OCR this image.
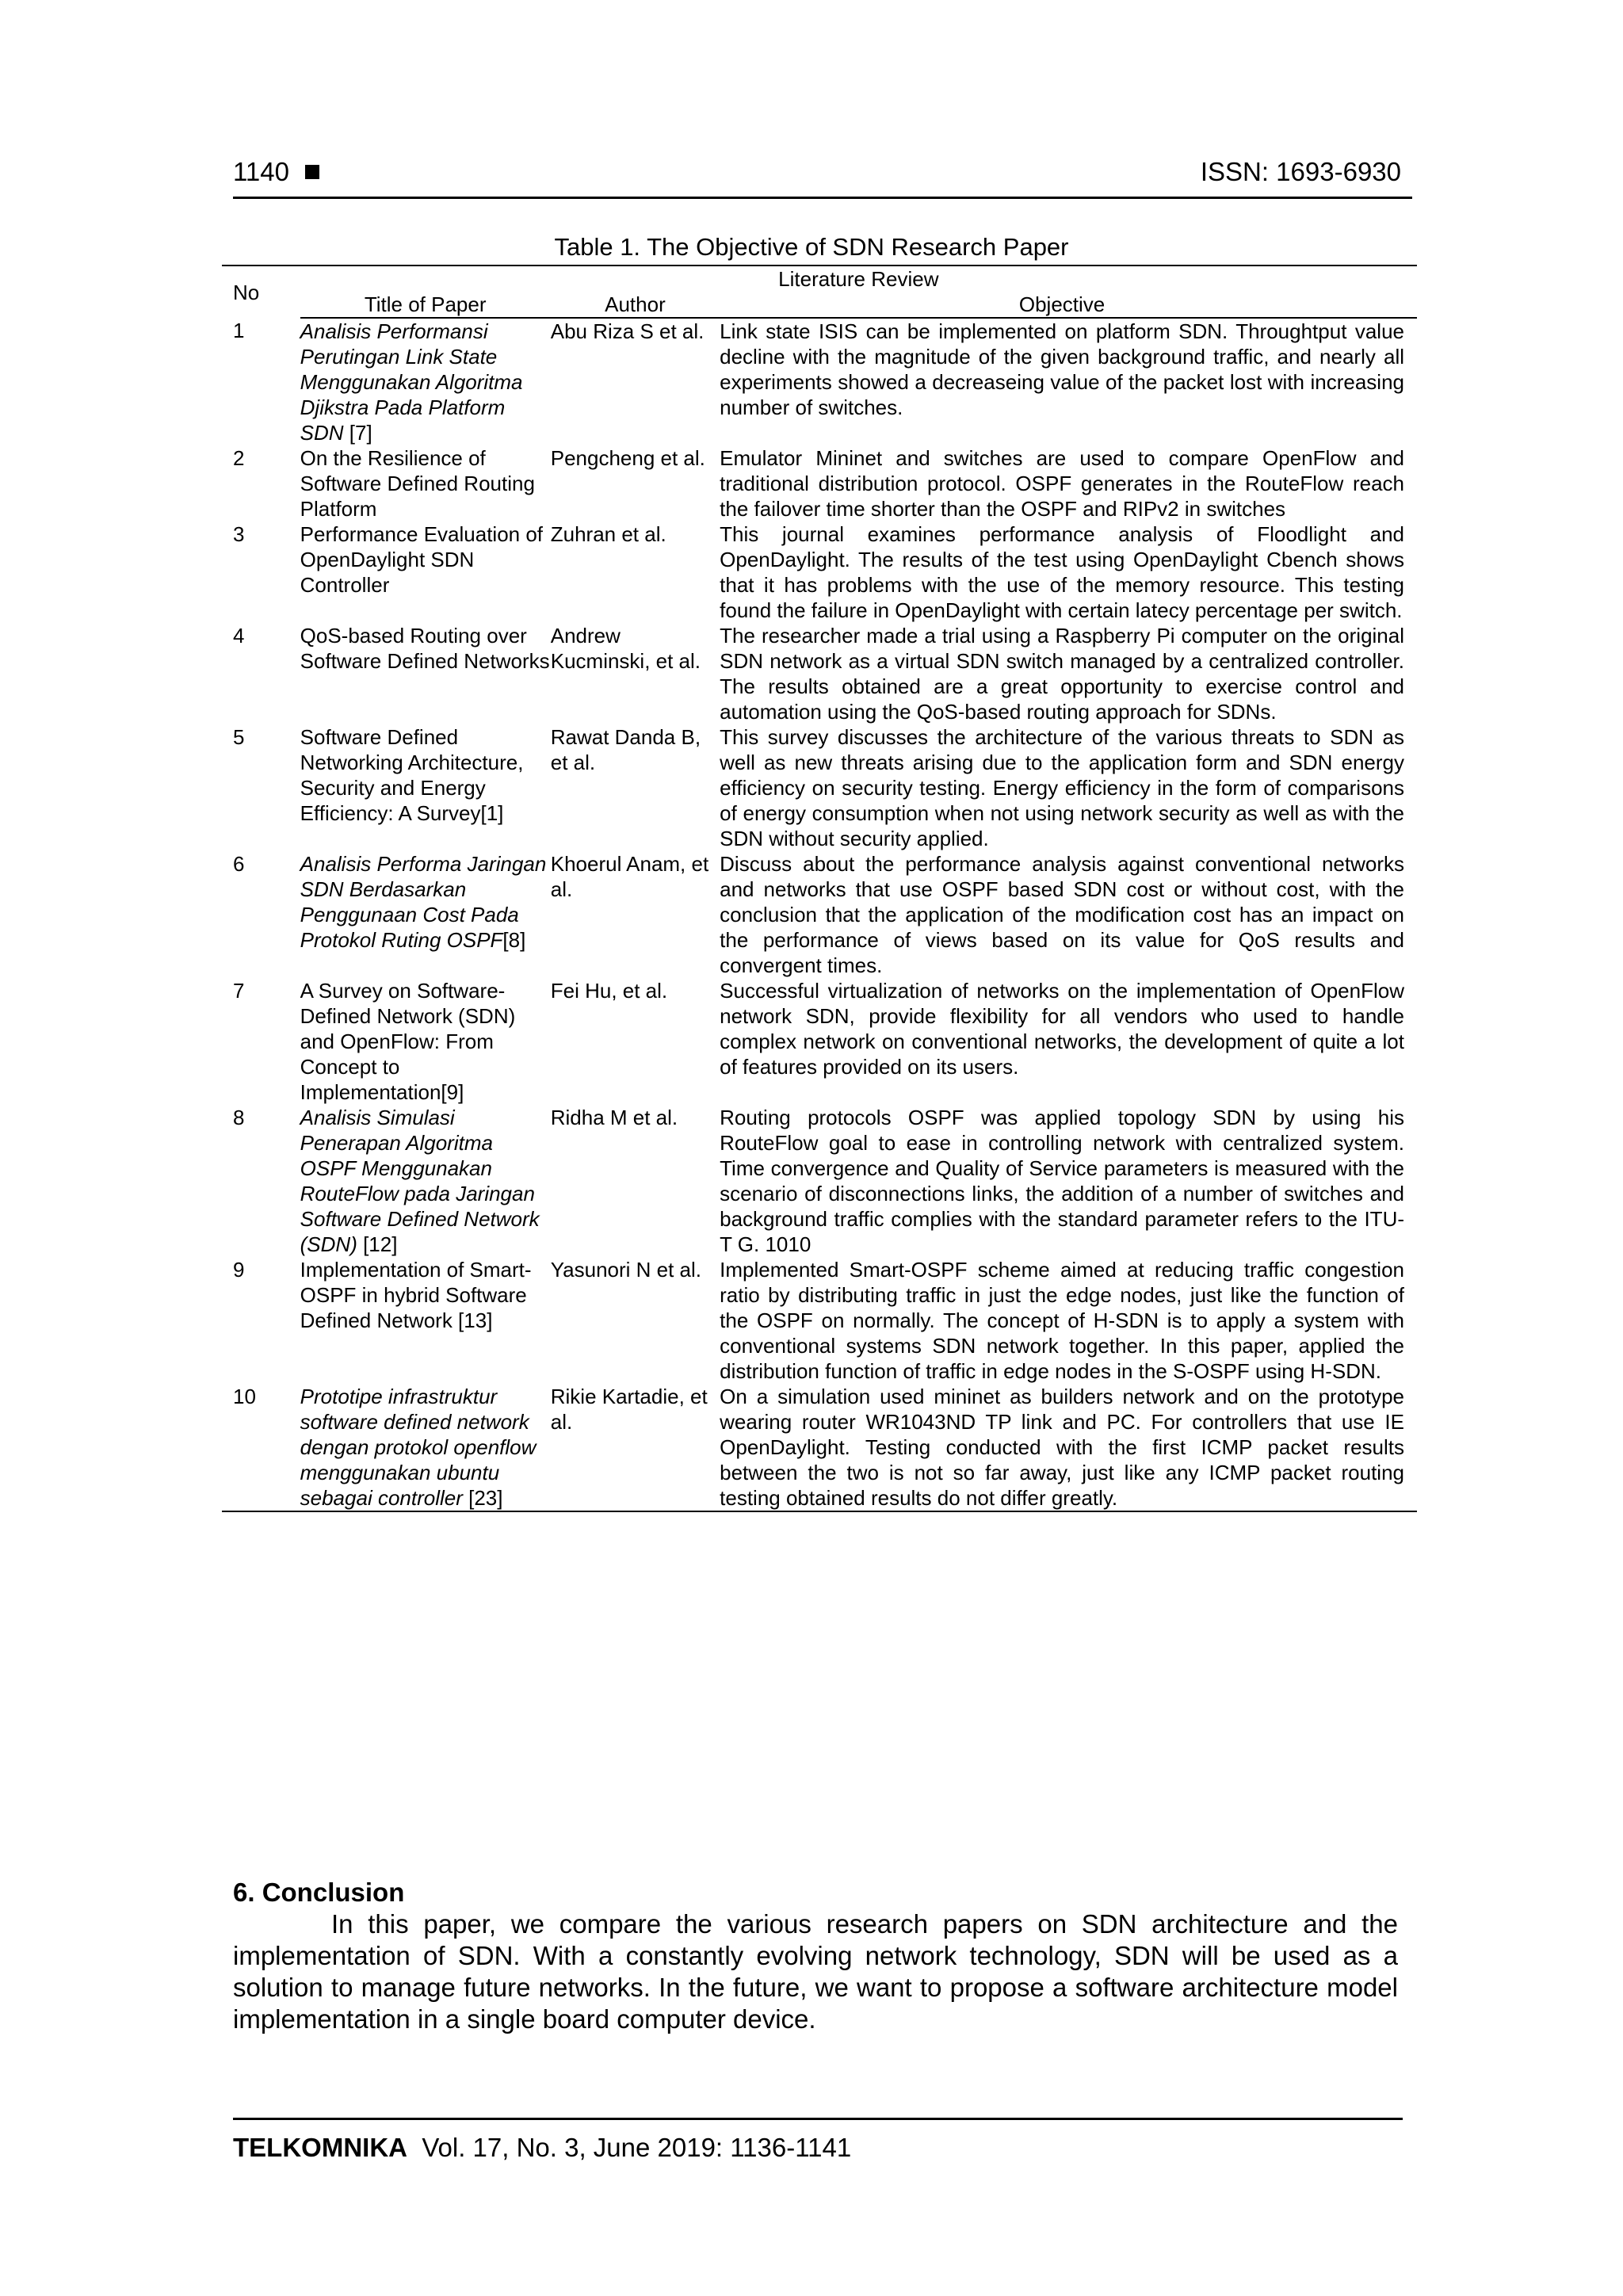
1140	ISSN: 1693-6930
Table 1. The Objective of SDN Research Paper
No	Literature Review		
	Title of Paper	Author	Objective
1	Analisis Performansi Perutingan Link State Menggunakan Algoritma Djikstra Pada Platform SDN [7]	Abu Riza S et al.	Link state ISIS can be implemented on platform SDN. Throughtput value decline with the magnitude of the given background traffic, and nearly all experiments showed a decreaseing value of the packet lost with increasing number of switches.
2	On the Resilience of Software Defined Routing Platform	Pengcheng et al.	Emulator Mininet and switches are used to compare OpenFlow and traditional distribution protocol. OSPF generates in the RouteFlow reach the failover time shorter than the OSPF and RIPv2 in switches
3	Performance Evaluation of OpenDaylight SDN Controller	Zuhran et al.	This journal examines performance analysis of Floodlight and OpenDaylight. The results of the test using OpenDaylight Cbench shows that it has problems with the use of the memory resource. This testing found the failure in OpenDaylight with certain latecy percentage per switch.
4	QoS-based Routing over Software Defined Networks	Andrew Kucminski, et al.	The researcher made a trial using a Raspberry Pi computer on the original SDN network as a virtual SDN switch managed by a centralized controller. The results obtained are a great opportunity to exercise control and automation using the QoS-based routing approach for SDNs.
5	Software Defined Networking Architecture, Security and Energy Efficiency: A Survey[1]	Rawat Danda B, et al.	This survey discusses the architecture of the various threats to SDN as well as new threats arising due to the application form and SDN energy efficiency on security testing. Energy efficiency in the form of comparisons of energy consumption when not using network security as well as with the SDN without security applied.
6	Analisis Performa Jaringan SDN Berdasarkan Penggunaan Cost Pada Protokol Ruting OSPF[8]	Khoerul Anam, et al.	Discuss about the performance analysis against conventional networks and networks that use OSPF based SDN cost or without cost, with the conclusion that the application of the modification cost has an impact on the performance of views based on its value for QoS results and convergent times.
7	A Survey on Software-Defined Network (SDN) and OpenFlow: From Concept to Implementation[9]	Fei Hu, et al.	Successful virtualization of networks on the implementation of OpenFlow network SDN, provide flexibility for all vendors who used to handle complex network on conventional networks, the development of quite a lot of features provided on its users.
8	Analisis Simulasi Penerapan Algoritma OSPF Menggunakan RouteFlow pada Jaringan Software Defined Network (SDN) [12]	Ridha M et al.	Routing protocols OSPF was applied topology SDN by using his RouteFlow goal to ease in controlling network with centralized system. Time convergence and Quality of Service parameters is measured with the scenario of disconnections links, the addition of a number of switches and background traffic complies with the standard parameter refers to the ITU-T G. 1010
9	Implementation of Smart-OSPF in hybrid Software Defined Network [13]	Yasunori N et al.	Implemented Smart-OSPF scheme aimed at reducing traffic congestion ratio by distributing traffic in just the edge nodes, just like the function of the OSPF on normally. The concept of H-SDN is to apply a system with conventional systems SDN network together. In this paper, applied the distribution function of traffic in edge nodes in the S-OSPF using H-SDN.
10	Prototipe infrastruktur software defined network dengan protokol openflow menggunakan ubuntu sebagai controller [23]	Rikie Kartadie, et al.	On a simulation used mininet as builders network and on the prototype wearing router WR1043ND TP link and PC. For controllers that use IE OpenDaylight. Testing conducted with the first ICMP packet results between the two is not so far away, just like any ICMP packet routing testing obtained results do not differ greatly.
6. Conclusion

In this paper, we compare the various research papers on SDN architecture and the implementation of SDN. With a constantly evolving network technology, SDN will be used as a solution to manage future networks. In the future, we want to propose a software architecture model implementation in a single board computer device.

TELKOMNIKA Vol. 17, No. 3, June 2019: 1136-1141
